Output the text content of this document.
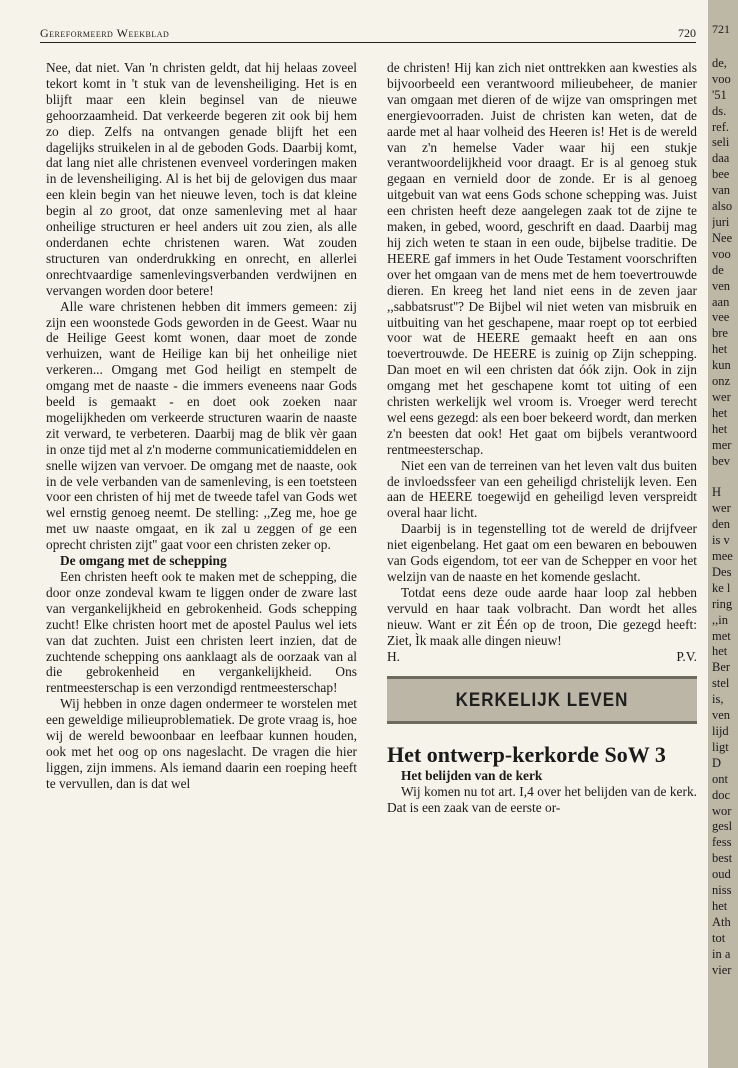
Gereformeerd Weekblad	720

Nee, dat niet. Van 'n christen geldt, dat hij helaas zoveel tekort komt in 't stuk van de levensheiliging. Het is en blijft maar een klein beginsel van de nieuwe gehoorzaamheid. Dat verkeerde begeren zit ook bij hem zo diep. Zelfs na ontvangen genade blijft het een dagelijks struikelen in al de geboden Gods. Daarbij komt, dat lang niet alle christenen evenveel vorderingen maken in de levensheiliging. Al is het bij de gelovigen dus maar een klein begin van het nieuwe leven, toch is dat kleine begin al zo groot, dat onze samenleving met al haar onheilige structuren er heel anders uit zou zien, als alle onderdanen echte christenen waren. Wat zouden structuren van onderdrukking en onrecht, en allerlei onrechtvaardige samenlevingsverbanden verdwijnen en vervangen worden door betere!

Alle ware christenen hebben dit immers gemeen: zij zijn een woonstede Gods geworden in de Geest. Waar nu de Heilige Geest komt wonen, daar moet de zonde verhuizen, want de Heilige kan bij het onheilige niet verkeren... Omgang met God heiligt en stempelt de omgang met de naaste - die immers eveneens naar Gods beeld is gemaakt - en doet ook zoeken naar mogelijkheden om verkeerde structuren waarin de naaste zit verward, te verbeteren. Daarbij mag de blik vèr gaan in onze tijd met al z'n moderne communicatiemiddelen en snelle wijzen van vervoer. De omgang met de naaste, ook in de vele verbanden van de samenleving, is een toetsteen voor een christen of hij met de tweede tafel van Gods wet wel ernstig genoeg neemt. De stelling: ,,Zeg me, hoe ge met uw naaste omgaat, en ik zal u zeggen of ge een oprecht christen zijt'' gaat voor een christen zeker op.

De omgang met de schepping

Een christen heeft ook te maken met de schepping, die door onze zondeval kwam te liggen onder de zware last van vergankelijkheid en gebrokenheid. Gods schepping zucht! Elke christen hoort met de apostel Paulus wel iets van dat zuchten. Juist een christen leert inzien, dat de zuchtende schepping ons aanklaagt als de oorzaak van al die gebrokenheid en vergankelijkheid. Ons rentmeesterschap is een verzondigd rentmeesterschap!

Wij hebben in onze dagen ondermeer te worstelen met een geweldige milieuproblematiek. De grote vraag is, hoe wij de wereld bewoonbaar en leefbaar kunnen houden, ook met het oog op ons nageslacht. De vragen die hier liggen, zijn immens. Als iemand daarin een roeping heeft te vervullen, dan is dat wel

de christen! Hij kan zich niet onttrekken aan kwesties als bijvoorbeeld een verantwoord milieubeheer, de manier van omgaan met dieren of de wijze van omspringen met energievoorraden. Juist de christen kan weten, dat de aarde met al haar volheid des Heeren is! Het is de wereld van z'n hemelse Vader waar hij een stukje verantwoordelijkheid voor draagt. Er is al genoeg stuk gegaan en vernield door de zonde. Er is al genoeg uitgebuit van wat eens Gods schone schepping was. Juist een christen heeft deze aangelegen zaak tot de zijne te maken, in gebed, woord, geschrift en daad. Daarbij mag hij zich weten te staan in een oude, bijbelse traditie. De HEERE gaf immers in het Oude Testament voorschriften over het omgaan van de mens met de hem toevertrouwde dieren. En kreeg het land niet eens in de zeven jaar ,,sabbatsrust''? De Bijbel wil niet weten van misbruik en uitbuiting van het geschapene, maar roept op tot eerbied voor wat de HEERE gemaakt heeft en aan ons toevertrouwde. De HEERE is zuinig op Zijn schepping. Dan moet en wil een christen dat óók zijn. Ook in zijn omgang met het geschapene komt tot uiting of een christen werkelijk wel vroom is. Vroeger werd terecht wel eens gezegd: als een boer bekeerd wordt, dan merken z'n beesten dat ook! Het gaat om bijbels verantwoord rentmeesterschap.

Niet een van de terreinen van het leven valt dus buiten de invloedssfeer van een geheiligd christelijk leven. Een aan de HEERE toegewijd en geheiligd leven verspreidt overal haar licht.

Daarbij is in tegenstelling tot de wereld de drijfveer niet eigenbelang. Het gaat om een bewaren en bebouwen van Gods eigendom, tot eer van de Schepper en voor het welzijn van de naaste en het komende geslacht.

Totdat eens deze oude aarde haar loop zal hebben vervuld en haar taak volbracht. Dan wordt het alles nieuw. Want er zit Één op de troon, Die gezegd heeft: Ziet, Ìk maak alle dingen nieuw!

H.	P.V.
KERKELIJK LEVEN
Het ontwerp-kerkorde SoW 3

Het belijden van de kerk

Wij komen nu tot art. I,4 over het belijden van de kerk. Dat is een zaak van de eerste or-

721
de,
voo
'51
ds.
ref.
seli
daa
bee
van
also
juri
Nee
voo
de
ven
aan
vee
bre
het
kun
onz
wer
het
het
mer
bev

H
wer
den
is v
mee
Des
ke l
ring
,,in
met
het
Ber
stel
is,
ven
lijd
ligt
D
ont
doc
wor
gesl
fess
best
oud
niss
het
Ath
tot
in a
vier
